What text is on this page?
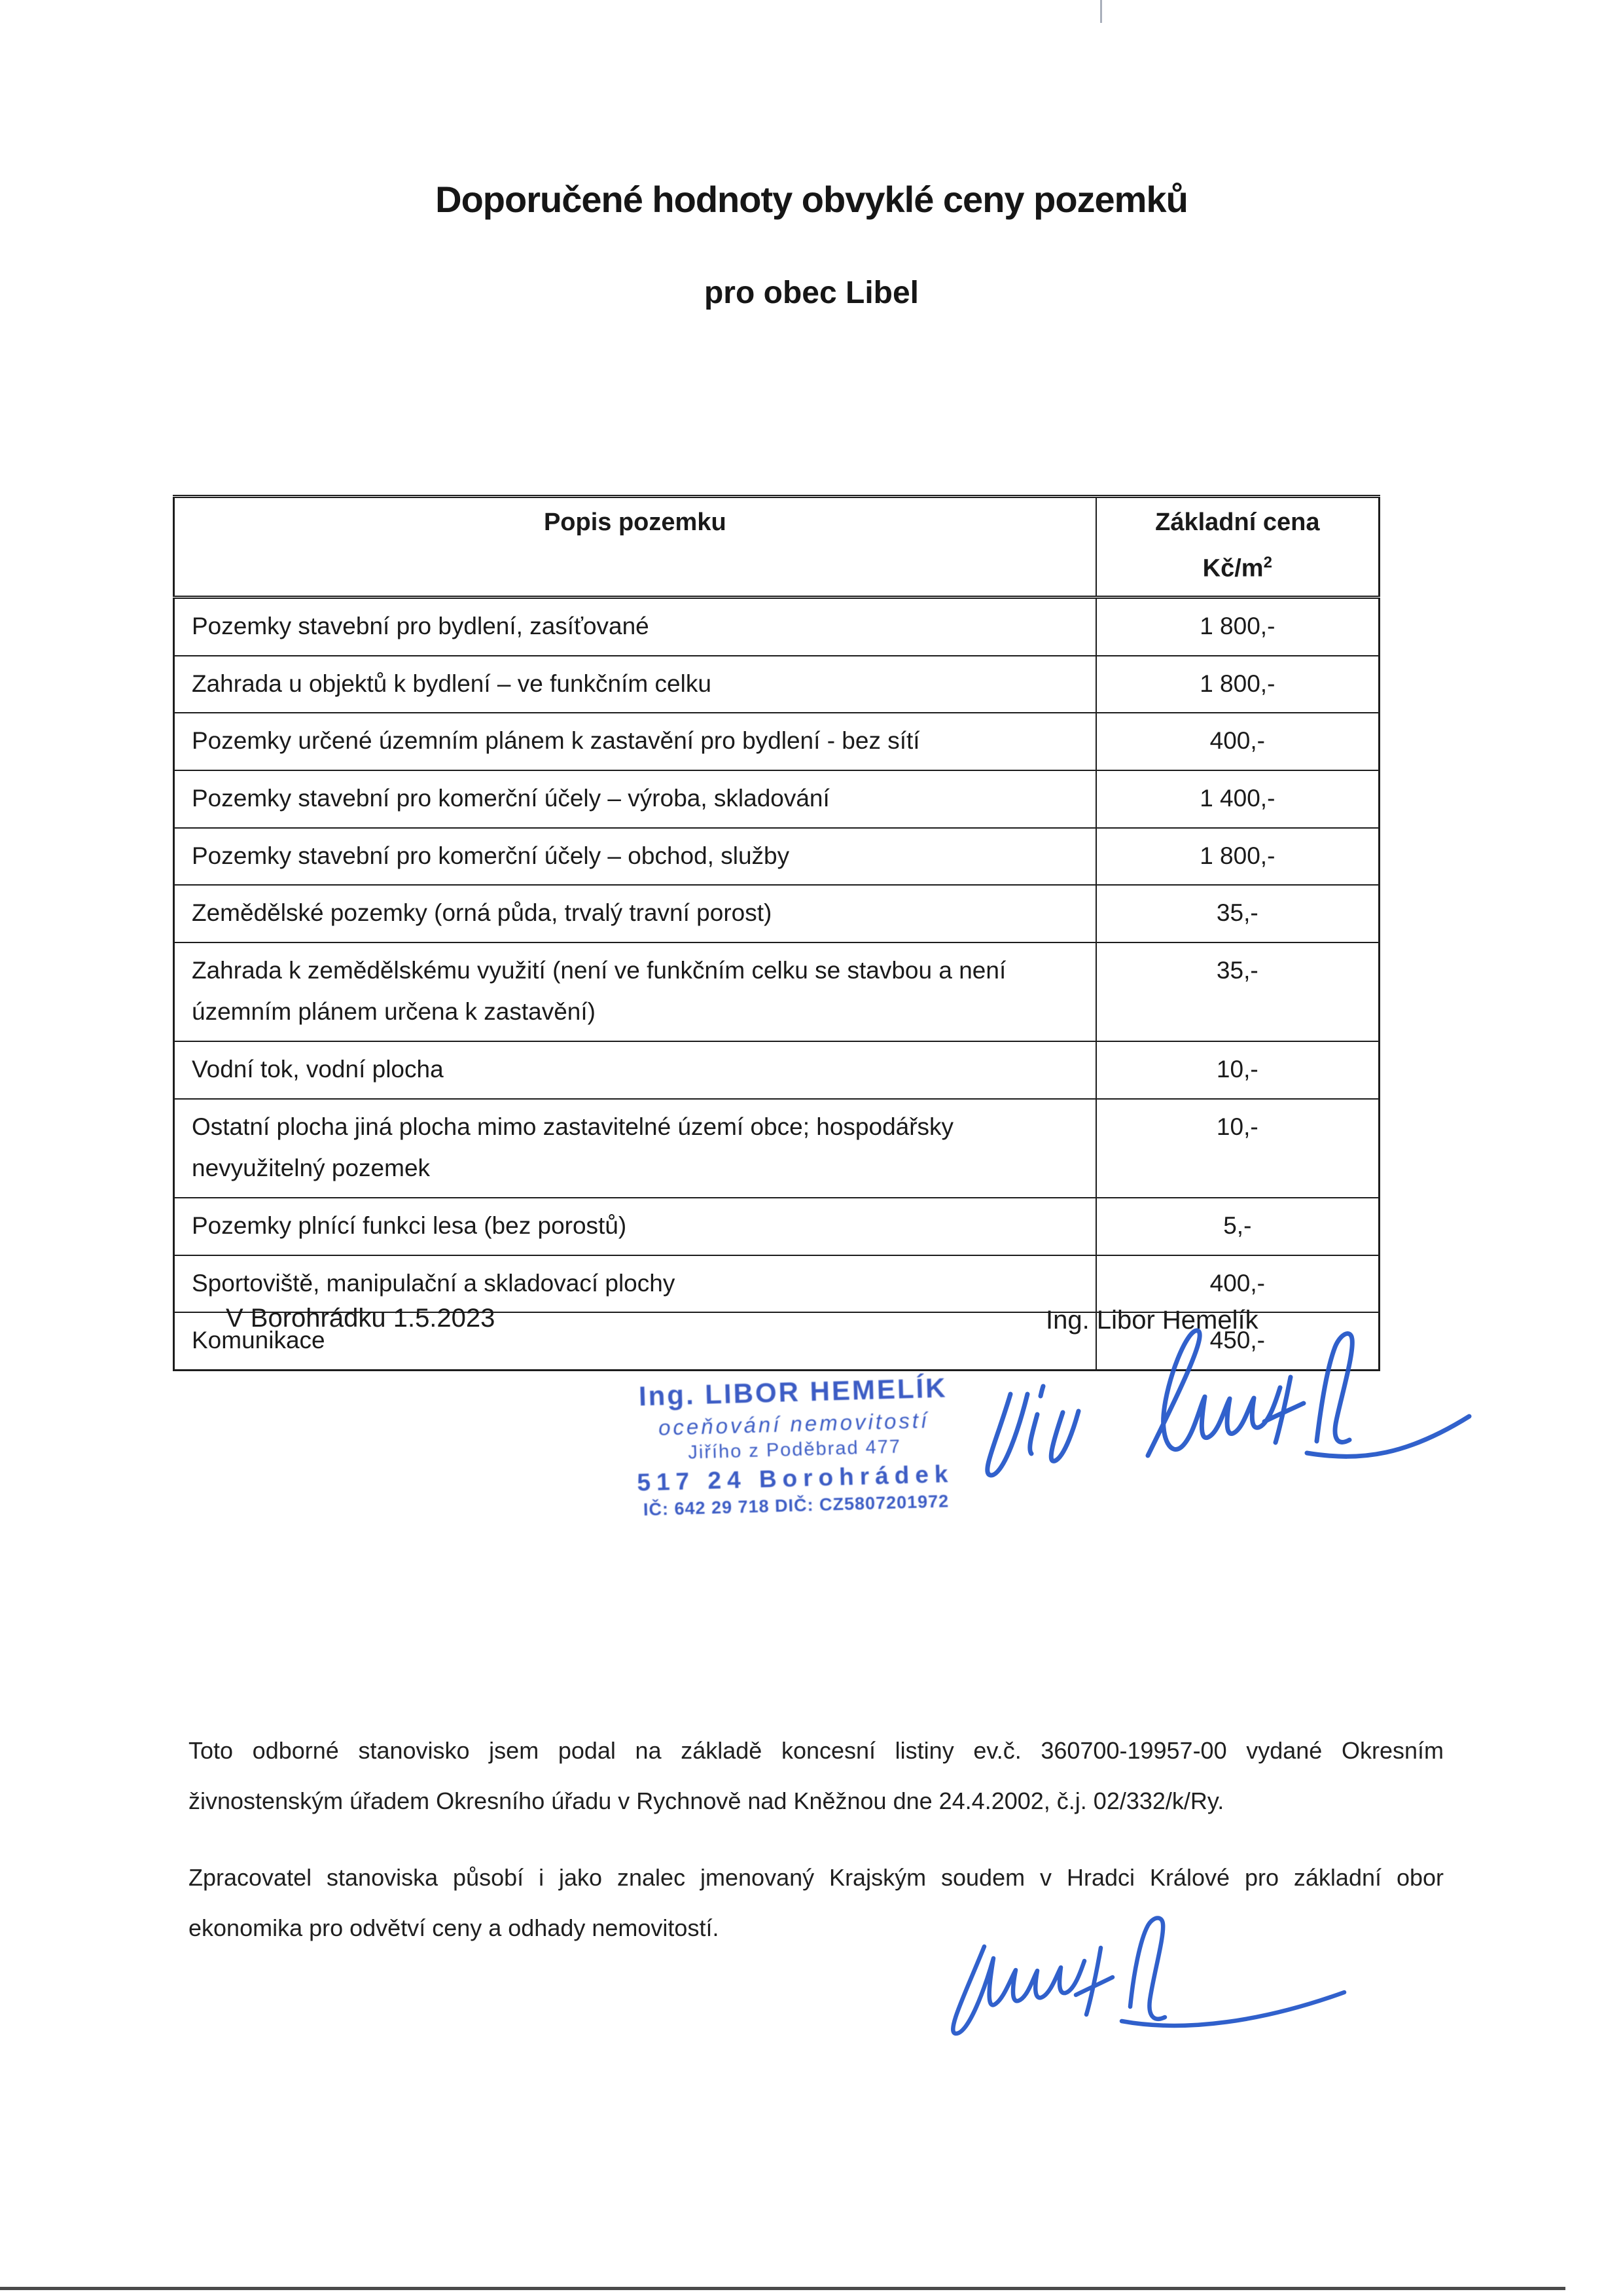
Doporučené hodnoty obvyklé ceny pozemků
pro obec Libel
Popis pozemku	Základní cena
$Kč/m^2$

Pozemky stavební pro bydlení, zasíťované	1 800,-
Zahrada u objektů k bydlení – ve funkčním celku	1 800,-
Pozemky určené územním plánem k zastavění pro bydlení - bez sítí	400,-
Pozemky stavební pro komerční účely – výroba, skladování	1 400,-
Pozemky stavební pro komerční účely – obchod, služby	1 800,-
Zemědělské pozemky (orná půda, trvalý travní porost)	35,-
Zahrada k zemědělskému využití (není ve funkčním celku se stavbou a není územním plánem určena k zastavění)	35,-
Vodní tok, vodní plocha	10,-
Ostatní plocha jiná plocha mimo zastavitelné území obce; hospodářsky nevyužitelný pozemek	10,-
Pozemky plnící funkci lesa (bez porostů)	5,-
Sportoviště, manipulační a skladovací plochy	400,-
Komunikace	450,-
V Borohrádku 1.5.2023	Ing. Libor Hemelík
Ing. LIBOR HEMELÍK
oceňování nemovitostí
Jiřího z Poděbrad 477
517 24 Borohrádek
IČ: 642 29 718 DIČ: CZ5807201972

Toto odborné stanovisko jsem podal na základě koncesní listiny ev.č. 360700-19957-00 vydané Okresním živnostenským úřadem Okresního úřadu v Rychnově nad Kněžnou dne 24.4.2002, č.j. 02/332/k/Ry.

Zpracovatel stanoviska působí i jako znalec jmenovaný Krajským soudem v Hradci Králové pro základní obor ekonomika pro odvětví ceny a odhady nemovitostí.
